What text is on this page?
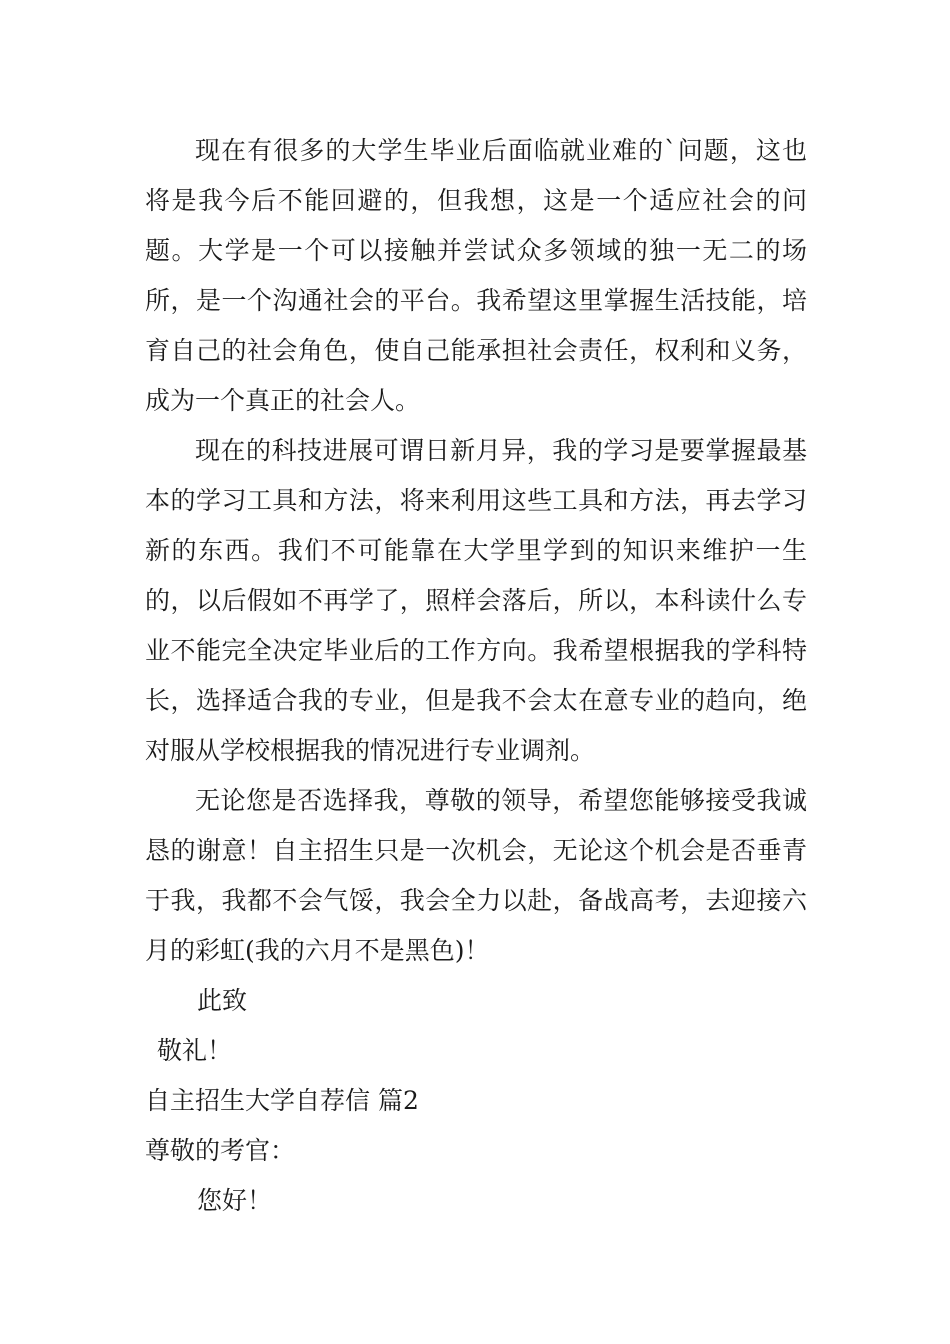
现在有很多的大学生毕业后面临就业难的`问题，这也将是我今后不能回避的，但我想，这是一个适应社会的问题。大学是一个可以接触并尝试众多领域的独一无二的场所，是一个沟通社会的平台。我希望这里掌握生活技能，培育自己的社会角色，使自己能承担社会责任，权利和义务，成为一个真正的社会人。

现在的科技进展可谓日新月异，我的学习是要掌握最基本的学习工具和方法，将来利用这些工具和方法，再去学习新的东西。我们不可能靠在大学里学到的知识来维护一生的，以后假如不再学了，照样会落后，所以，本科读什么专业不能完全决定毕业后的工作方向。我希望根据我的学科特长，选择适合我的专业，但是我不会太在意专业的趋向，绝对服从学校根据我的情况进行专业调剂。

无论您是否选择我，尊敬的领导，希望您能够接受我诚恳的谢意！自主招生只是一次机会，无论这个机会是否垂青于我，我都不会气馁，我会全力以赴，备战高考，去迎接六月的彩虹(我的六月不是黑色)！

此致

敬礼！

自主招生大学自荐信 篇2

尊敬的考官：

您好！
